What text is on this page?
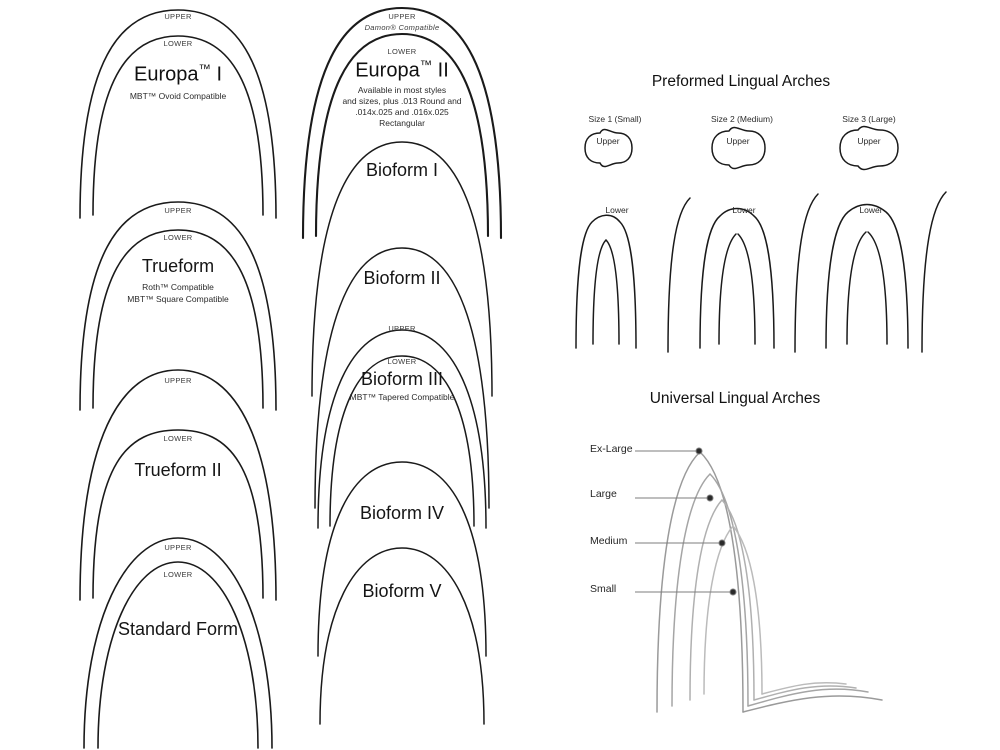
UPPER
LOWER
Europa™ I
MBT™ Ovoid Compatible
UPPER
LOWER
Trueform
Roth™ Compatible
MBT™ Square Compatible
UPPER
LOWER
Trueform II
UPPER
LOWER
Standard Form
UPPER
Damon® Compatible
LOWER
Europa™ II
Available in most styles
and sizes, plus .013 Round and
.014x.025 and .016x.025
Rectangular
Bioform I
Bioform II
UPPER
LOWER
Bioform III
MBT™ Tapered Compatible
Bioform IV
Bioform V
Preformed Lingual Arches
Size 1 (Small)
Upper
Lower
Size 2 (Medium)
Upper
Lower
Size 3 (Large)
Upper
Lower
Universal Lingual Arches
Ex-Large
Large
Medium
Small
